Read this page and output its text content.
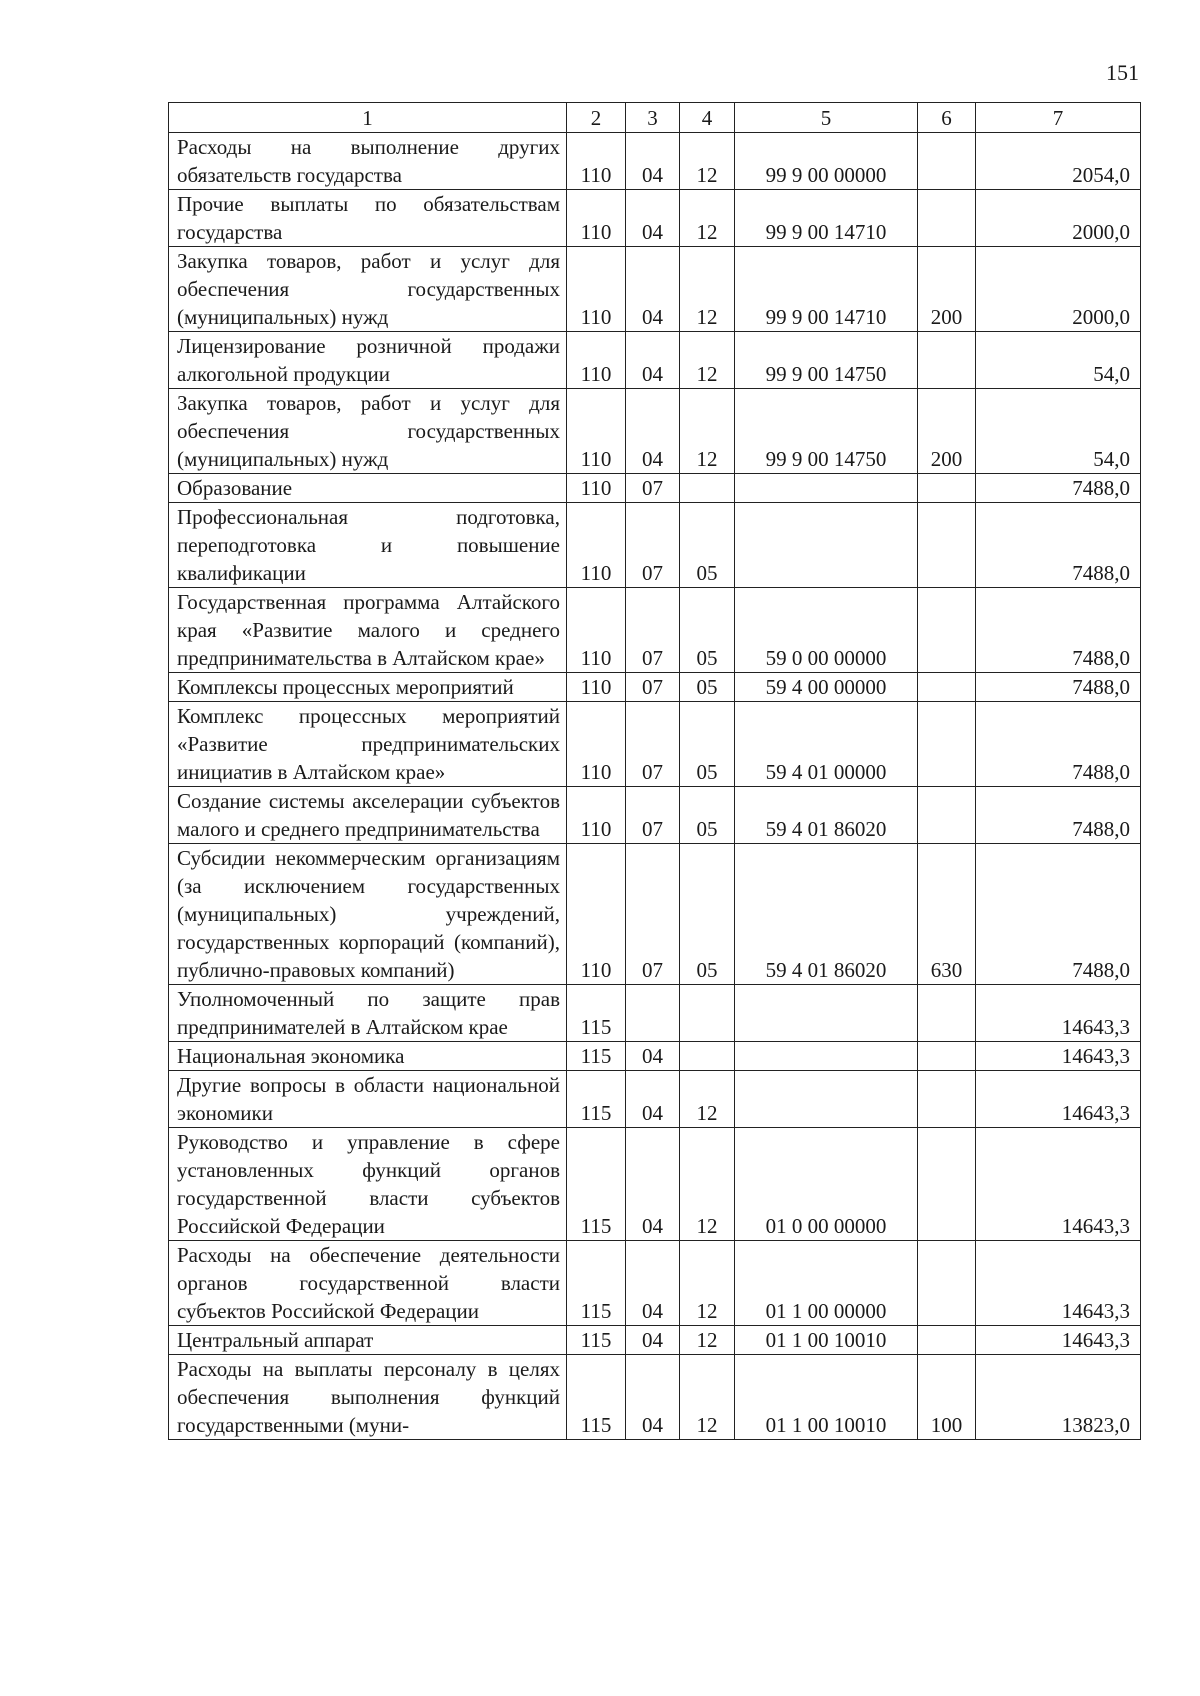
151
1	2	3	4	5	6	7
Расходы на выполнение других обязательств государства	110	04	12	99 9 00 00000		2054,0
Прочие выплаты по обязательствам государства	110	04	12	99 9 00 14710		2000,0
Закупка товаров, работ и услуг для обеспечения государственных (муниципальных) нужд	110	04	12	99 9 00 14710	200	2000,0
Лицензирование розничной продажи алкогольной продукции	110	04	12	99 9 00 14750		54,0
Закупка товаров, работ и услуг для обеспечения государственных (муниципальных) нужд	110	04	12	99 9 00 14750	200	54,0
Образование	110	07				7488,0
Профессиональная подготовка, переподготовка и повышение квалификации	110	07	05			7488,0
Государственная программа Алтайского края «Развитие малого и среднего предпринимательства в Алтайском крае»	110	07	05	59 0 00 00000		7488,0
Комплексы процессных мероприятий	110	07	05	59 4 00 00000		7488,0
Комплекс процессных мероприятий «Развитие предпринимательских инициатив в Алтайском крае»	110	07	05	59 4 01 00000		7488,0
Создание системы акселерации субъектов малого и среднего предпринимательства	110	07	05	59 4 01 86020		7488,0
Субсидии некоммерческим организациям (за исключением государственных (муниципальных) учреждений, государственных корпораций (компаний), публично-правовых компаний)	110	07	05	59 4 01 86020	630	7488,0
Уполномоченный по защите прав предпринимателей в Алтайском крае	115					14643,3
Национальная экономика	115	04				14643,3
Другие вопросы в области национальной экономики	115	04	12			14643,3
Руководство и управление в сфере установленных функций органов государственной власти субъектов Российской Федерации	115	04	12	01 0 00 00000		14643,3
Расходы на обеспечение деятельности органов государственной власти субъектов Российской Федерации	115	04	12	01 1 00 00000		14643,3
Центральный аппарат	115	04	12	01 1 00 10010		14643,3
Расходы на выплаты персоналу в целях обеспечения выполнения функций государственными (муни-	115	04	12	01 1 00 10010	100	13823,0
